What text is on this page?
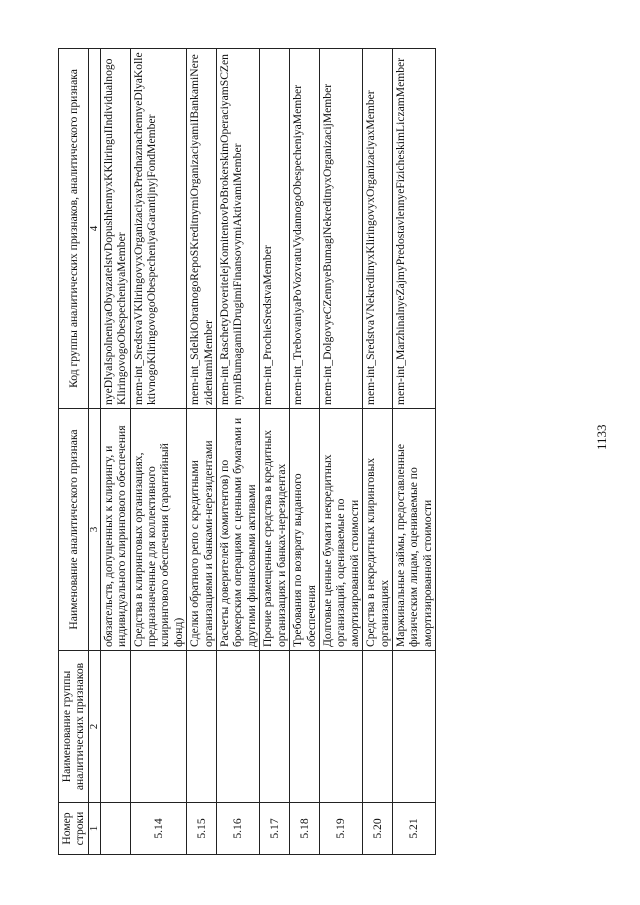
1133
Номер строки	Наименование группы аналитических признаков	Наименование аналитического признака	Код группы аналитических признаков, аналитического признака
1	2	3	4
		обязательств, допущенных к клирингу, и индивидуального клирингового обеспечения	nyeDlyaIspolneniyaObyazatelstvDopushhennyxKKliringuIIndividualnogoKliringovogoObespecheniyaMember
5.14		Средства в клиринговых организациях, предназначенные для коллективного клирингового обеспечения (гарантийный фонд)	mem-int_SredstvaVKliringovyxOrganizaciyaxPrednaznachennyeDlyaKollektivnogoKliringovogoObespecheniyaGarantijnyjFondMember
5.15		Сделки обратного репо с кредитными организациями и банками-нерезидентами	mem-int_SdelkiObratnogoRepoSKreditnymiOrganizaciyamiIBankamiNerezidentamiMember
5.16		Расчеты доверителей (комитентов) по брокерским операциям с ценными бумагами и другими финансовыми активами	mem-int_RaschetyDoveritelejKomitentovPoBrokerskimOperaciyamSCZennymiBumagamiIDrugimiFinansovymiAktivamiMember
5.17		Прочие размещенные средства в кредитных организациях и банках-нерезидентах	mem-int_ProchieSredstvaMember
5.18		Требования по возврату выданного обеспечения	mem-int_TrebovaniyaPoVozvratuVydannogoObespecheniyaMember
5.19		Долговые ценные бумаги некредитных организаций, оцениваемые по амортизированной стоимости	mem-int_DolgovyeCZennyeBumagiNekreditnyxOrganizacijMember
5.20		Средства в некредитных клиринговых организациях	mem-int_SredstvaVNekreditnyxKliringovyxOrganizaciyaxMember
5.21		Маржинальные займы, предоставленные физическим лицам, оцениваемые по амортизированной стоимости	mem-int_MarzhinalnyeZajmyPredostavlennyeFizicheskimLiczamMember
